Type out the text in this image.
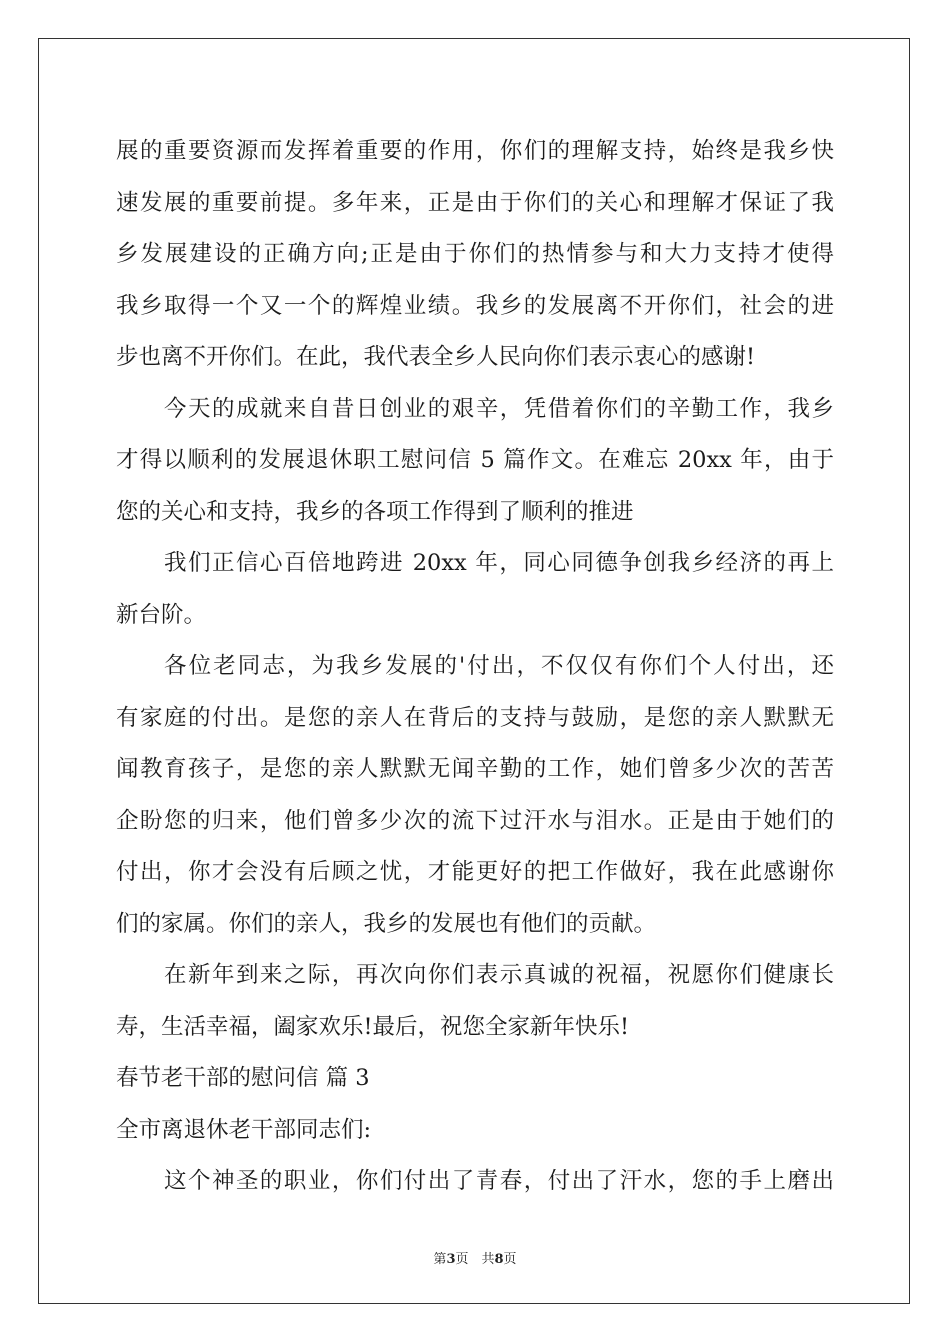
展的重要资源而发挥着重要的作用，你们的理解支持，始终是我乡快
速发展的重要前提。多年来，正是由于你们的关心和理解才保证了我
乡发展建设的正确方向;正是由于你们的热情参与和大力支持才使得
我乡取得一个又一个的辉煌业绩。我乡的发展离不开你们，社会的进
步也离不开你们。在此，我代表全乡人民向你们表示衷心的感谢!
今天的成就来自昔日创业的艰辛，凭借着你们的辛勤工作，我乡
才得以顺利的发展退休职工慰问信 5 篇作文。在难忘 20xx 年，由于
您的关心和支持，我乡的各项工作得到了顺利的推进
我们正信心百倍地跨进 20xx 年，同心同德争创我乡经济的再上
新台阶。
各位老同志，为我乡发展的'付出，不仅仅有你们个人付出，还
有家庭的付出。是您的亲人在背后的支持与鼓励，是您的亲人默默无
闻教育孩子，是您的亲人默默无闻辛勤的工作，她们曾多少次的苦苦
企盼您的归来，他们曾多少次的流下过汗水与泪水。正是由于她们的
付出，你才会没有后顾之忧，才能更好的把工作做好，我在此感谢你
们的家属。你们的亲人，我乡的发展也有他们的贡献。
在新年到来之际，再次向你们表示真诚的祝福，祝愿你们健康长
寿，生活幸福，阖家欢乐!最后，祝您全家新年快乐!
春节老干部的慰问信 篇 3
全市离退休老干部同志们:
这个神圣的职业，你们付出了青春，付出了汗水，您的手上磨出
第3页　共8页
